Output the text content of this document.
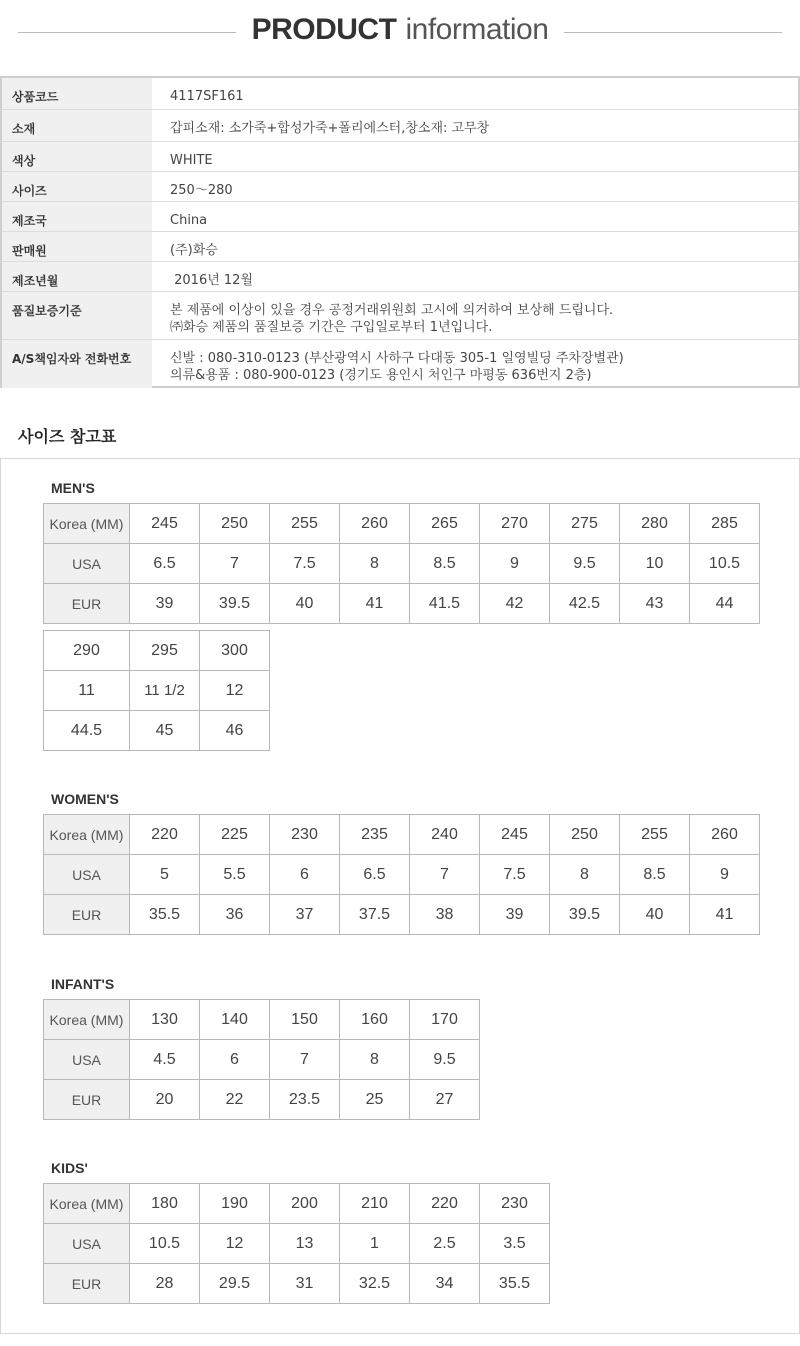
PRODUCT information
상품코드	4117SF161
소재	갑피소재: 소가죽+합성가죽+폴리에스터,창소재: 고무창
색상	WHITE
사이즈	250～280
제조국	China
판매원	(주)화승
제조년월	2016년 12월
품질보증기준	본 제품에 이상이 있을 경우 공정거래위원회 고시에 의거하여 보상해 드립니다.
㈜화승 제품의 품질보증 기간은 구입일로부터 1년입니다.
A/S책임자와 전화번호	신발 : 080-310-0123 (부산광역시 사하구 다대동 305-1 일영빌딩 주차장별관)
의류&용품 : 080-900-0123 (경기도 용인시 처인구 마평동 636번지 2층)
사이즈 참고표
MEN'S
Korea (MM)	245	250	255	260	265	270	275	280	285
USA	6.5	7	7.5	8	8.5	9	9.5	10	10.5
EUR	39	39.5	40	41	41.5	42	42.5	43	44
290	295	300
11	11 1/2	12
44.5	45	46
WOMEN'S
Korea (MM)	220	225	230	235	240	245	250	255	260
USA	5	5.5	6	6.5	7	7.5	8	8.5	9
EUR	35.5	36	37	37.5	38	39	39.5	40	41
INFANT'S
Korea (MM)	130	140	150	160	170
USA	4.5	6	7	8	9.5
EUR	20	22	23.5	25	27
KIDS'
Korea (MM)	180	190	200	210	220	230
USA	10.5	12	13	1	2.5	3.5
EUR	28	29.5	31	32.5	34	35.5
